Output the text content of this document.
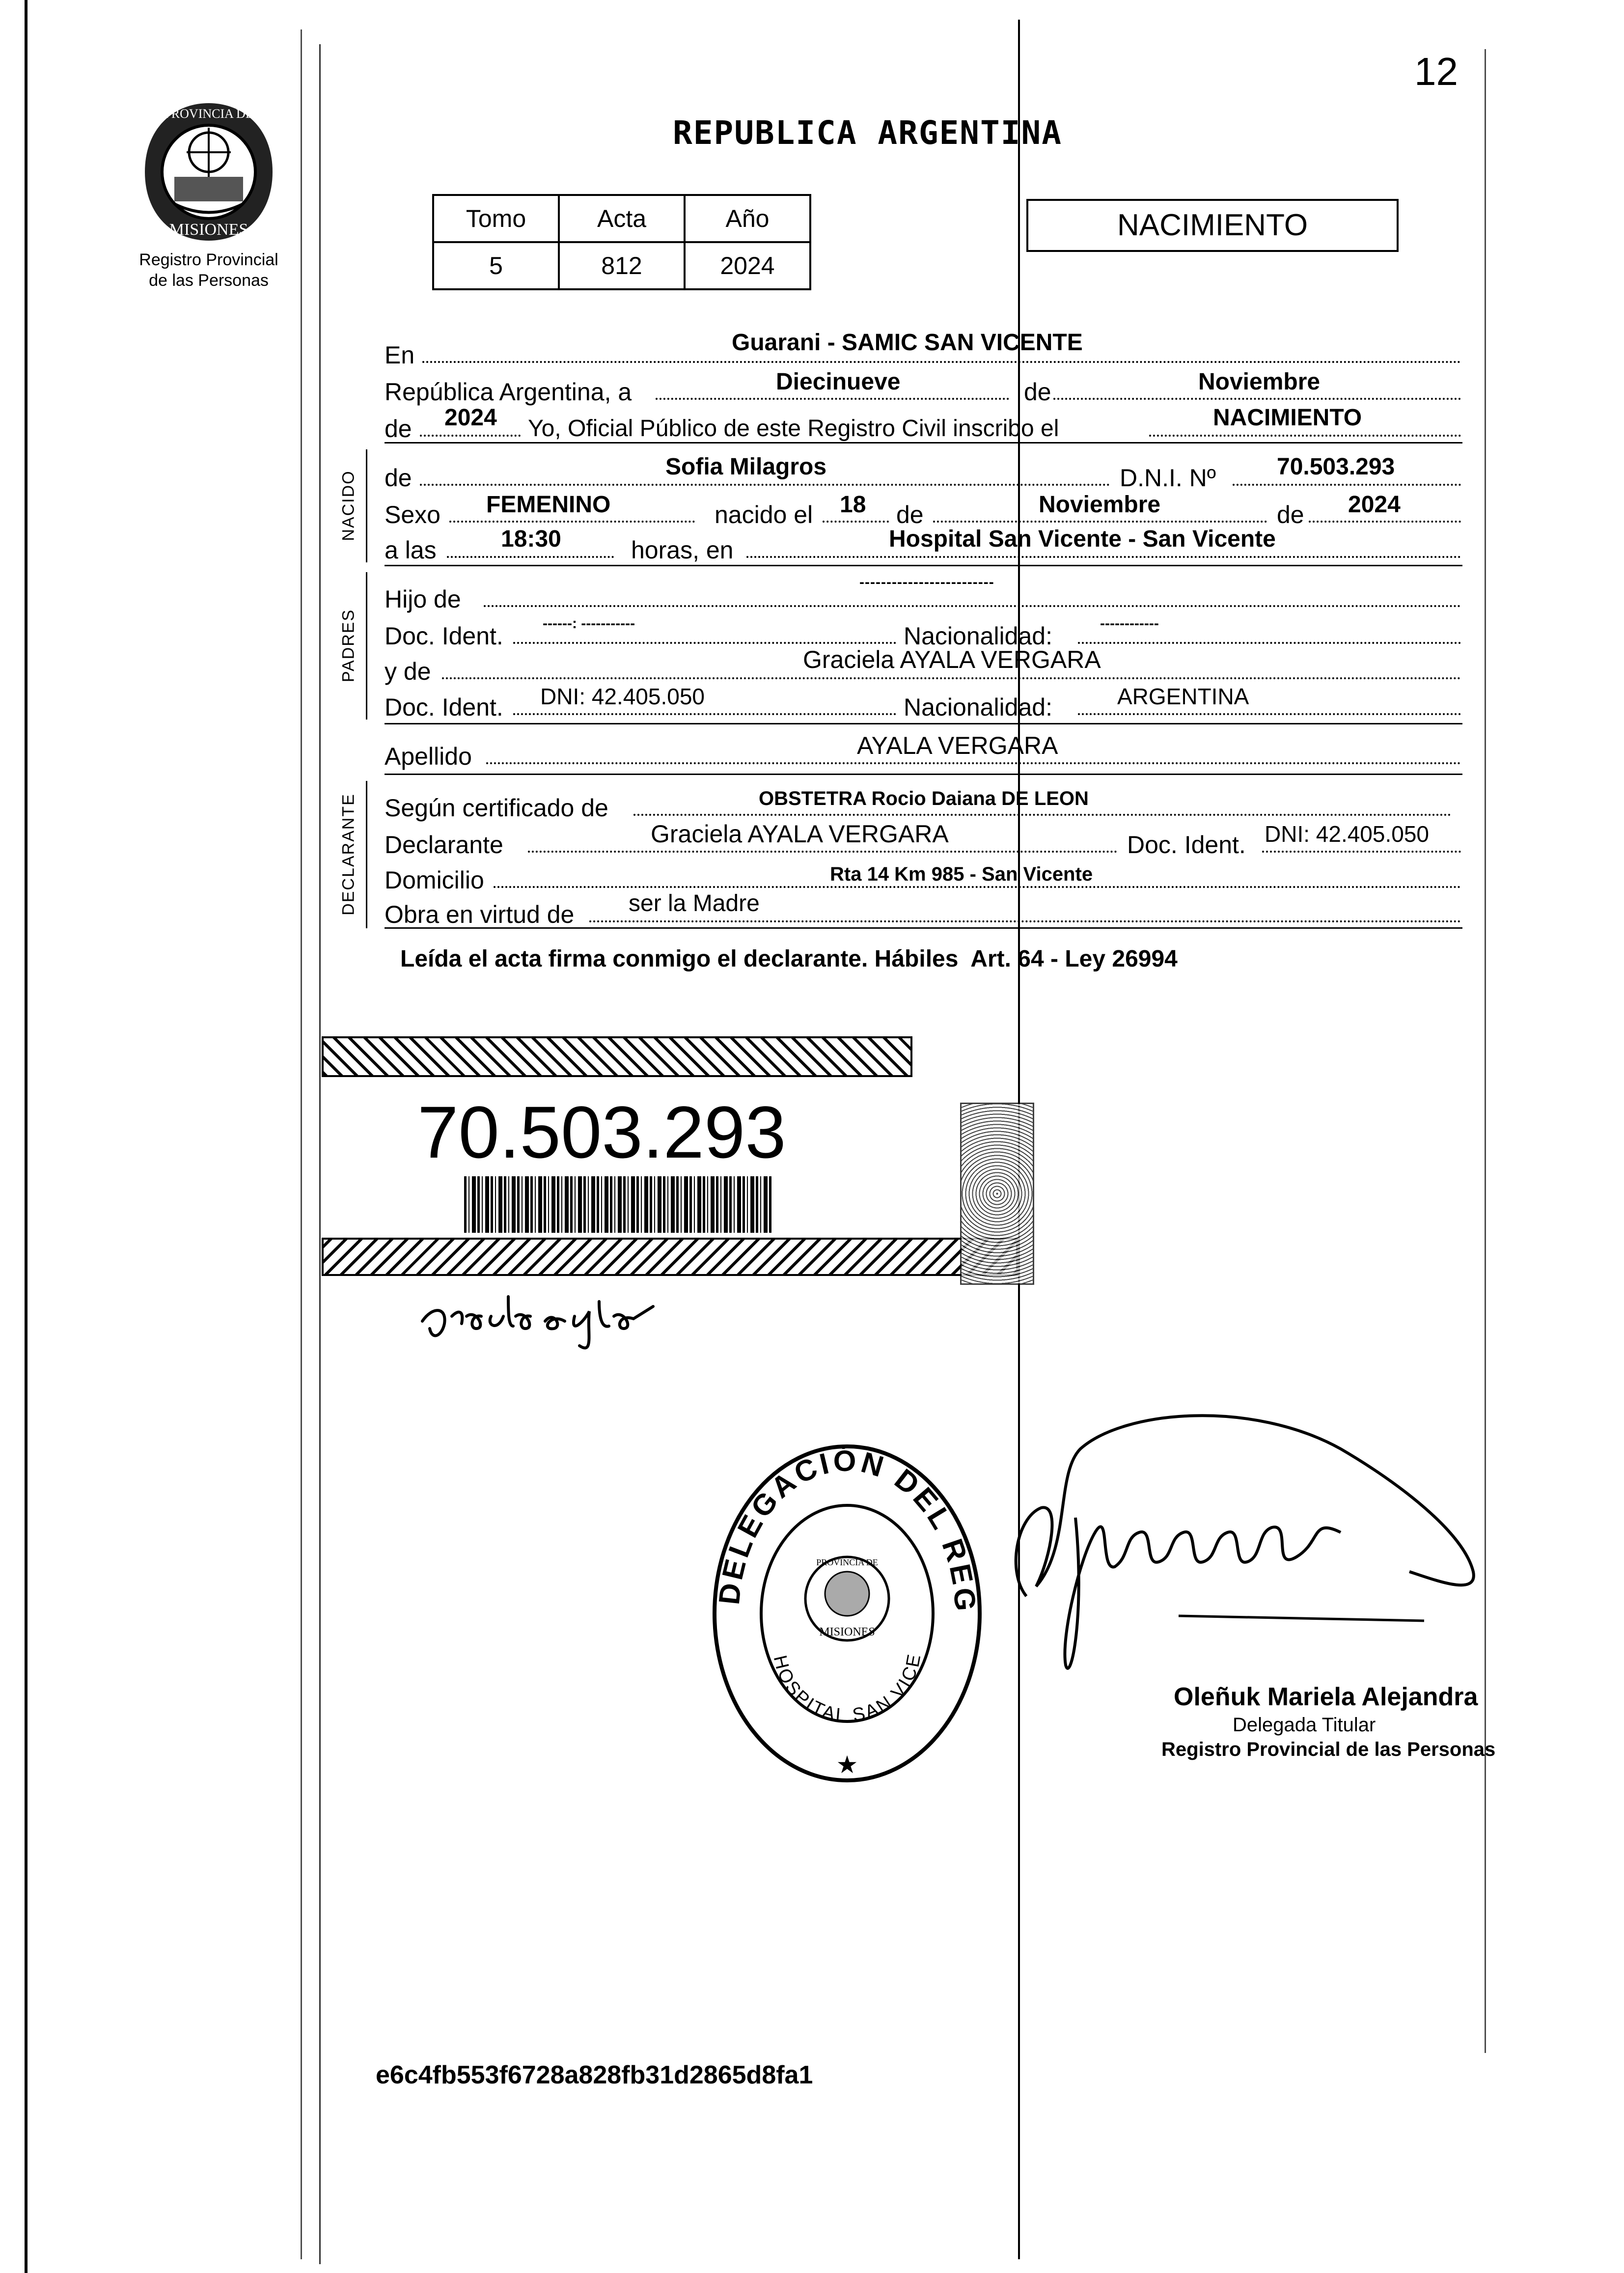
12
PROVINCIA DE
MISIONES
Registro Provincial
de las Personas
REPUBLICA ARGENTINA
Tomo	Acta	Año
5	812	2024
NACIMIENTO
En	Guarani - SAMIC SAN VICENTE
República Argentina, a	Diecinueve	de	Noviembre
de 2024 Yo, Oficial Público de este Registro Civil inscribo el	NACIMIENTO
NACIDO de	Sofia Milagros	D.N.I. Nº	70.503.293
Sexo FEMENINO	nacido el 18 de	Noviembre	de 2024
a las	18:30	horas, en	Hospital San Vicente - San Vicente
PADRES
Hijo de
-------------------------
Doc. Ident.	------: -----------	Nacionalidad:	------------
y de	Graciela AYALA VERGARA
Doc. Ident. DNI: 42.405.050	Nacionalidad:	ARGENTINA
Apellido	AYALA VERGARA
DECLARANTE Según certificado de	OBSTETRA Rocio Daiana DE LEON
Declarante	Graciela AYALA VERGARA	Doc. Ident. DNI: 42.405.050
Domicilio	Rta 14 Km 985 - San Vicente
Obra en virtud de ser la Madre
Leída el acta firma conmigo el declarante. Hábiles  Art. 64 - Ley 26994
70.503.293
DELEGACIÓN DEL REG
PROVINCIA DE
MISIONES
HOSPITAL SAN VICE
★
Oleñuk Mariela Alejandra
Delegada Titular
Registro Provincial de las Personas
e6c4fb553f6728a828fb31d2865d8fa1
